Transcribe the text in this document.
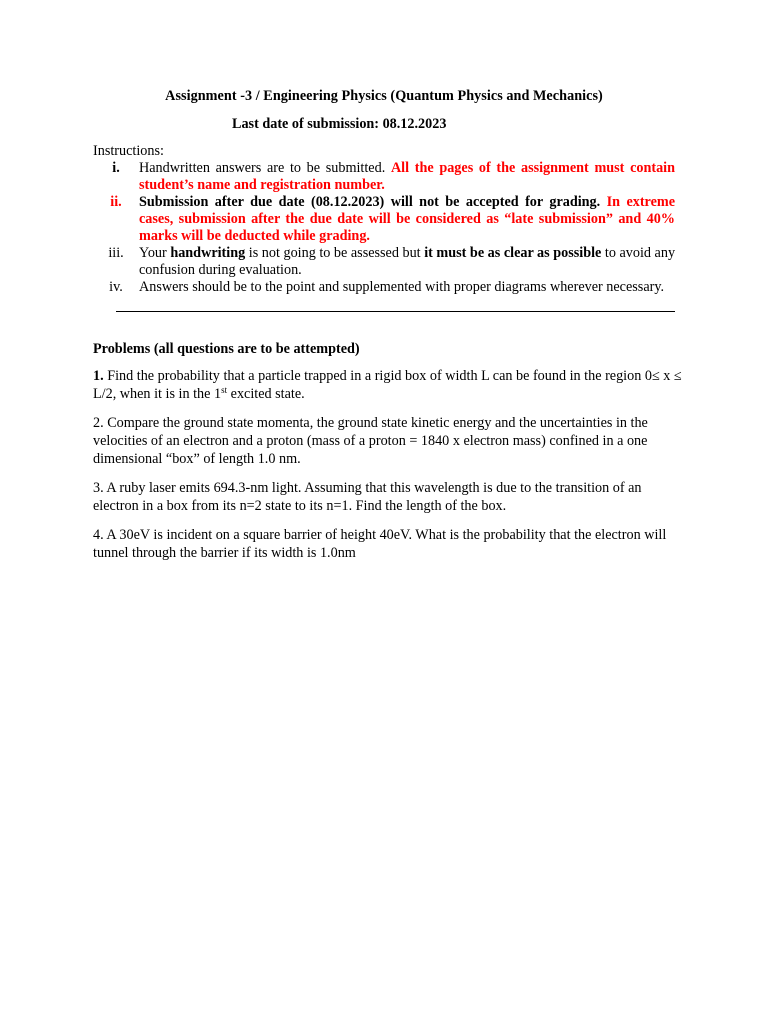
Assignment -3 / Engineering Physics (Quantum Physics and Mechanics)
Last date of submission: 08.12.2023
Instructions:
i.	Handwritten answers are to be submitted. All the pages of the assignment must contain student’s name and registration number.
ii.	Submission after due date (08.12.2023) will not be accepted for grading. In extreme cases, submission after the due date will be considered as “late submission” and 40% marks will be deducted while grading.
iii.	Your handwriting is not going to be assessed but it must be as clear as possible to avoid any confusion during evaluation.
iv.	Answers should be to the point and supplemented with proper diagrams wherever necessary.
Problems (all questions are to be attempted)

1. Find the probability that a particle trapped in a rigid box of width L can be found in the region 0≤ x ≤ L/2, when it is in the 1st excited state.

2. Compare the ground state momenta, the ground state kinetic energy and the uncertainties in the velocities of an electron and a proton (mass of a proton = 1840 x electron mass) confined in a one dimensional “box” of length 1.0 nm.

3. A ruby laser emits 694.3-nm light. Assuming that this wavelength is due to the transition of an electron in a box from its n=2 state to its n=1. Find the length of the box.

4. A 30eV is incident on a square barrier of height 40eV. What is the probability that the electron will tunnel through the barrier if its width is 1.0nm
